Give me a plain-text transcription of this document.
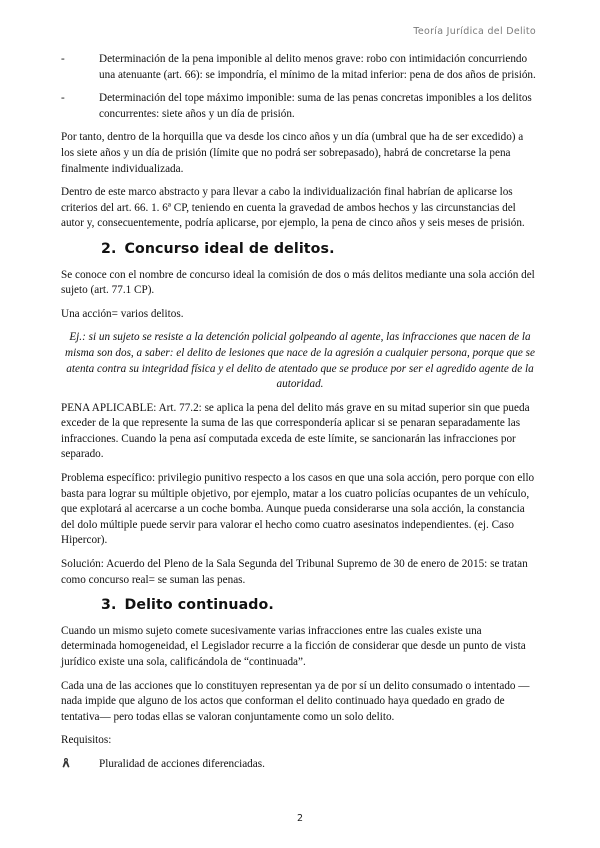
Teoría Jurídica del Delito
-	Determinación de la pena imponible al delito menos grave: robo con intimidación concurriendo una atenuante (art. 66): se impondría, el mínimo de la mitad inferior: pena de dos años de prisión.
-	Determinación del tope máximo imponible: suma de las penas concretas imponibles a los delitos concurrentes: siete años y un día de prisión.

Por tanto, dentro de la horquilla que va desde los cinco años y un día (umbral que ha de ser excedido) a los siete años y un día de prisión (límite que no podrá ser sobrepasado), habrá de concretarse la pena finalmente individualizada.

Dentro de este marco abstracto y para llevar a cabo la individualización final habrían de aplicarse los criterios del art. 66. 1. 6ª CP, teniendo en cuenta la gravedad de ambos hechos y las circunstancias del autor y, consecuentemente, podría aplicarse, por ejemplo, la pena de cinco años y seis meses de prisión.

2. Concurso ideal de delitos.

Se conoce con el nombre de concurso ideal la comisión de dos o más delitos mediante una sola acción del sujeto (art. 77.1 CP).

Una acción= varios delitos.

Ej.: si un sujeto se resiste a la detención policial golpeando al agente, las infracciones que nacen de la misma son dos, a saber: el delito de lesiones que nace de la agresión a cualquier persona, porque que se atenta contra su integridad física y el delito de atentado que se produce por ser el agredido agente de la autoridad.

PENA APLICABLE: Art. 77.2: se aplica la pena del delito más grave en su mitad superior sin que pueda exceder de la que represente la suma de las que correspondería aplicar si se penaran separadamente las infracciones. Cuando la pena así computada exceda de este límite, se sancionarán las infracciones por separado.

Problema específico: privilegio punitivo respecto a los casos en que una sola acción, pero porque con ello basta para lograr su múltiple objetivo, por ejemplo, matar a los cuatro policías ocupantes de un vehículo, que explotará al acercarse a un coche bomba. Aunque pueda considerarse una sola acción, la constancia del dolo múltiple puede servir para valorar el hecho como cuatro asesinatos independientes. (ej. Caso Hipercor).

Solución: Acuerdo del Pleno de la Sala Segunda del Tribunal Supremo de 30 de enero de 2015: se tratan como concurso real= se suman las penas.

3. Delito continuado.

Cuando un mismo sujeto comete sucesivamente varias infracciones entre las cuales existe una determinada homogeneidad, el Legislador recurre a la ficción de considerar que desde un punto de vista jurídico existe una sola, calificándola de “continuada”.

Cada una de las acciones que lo constituyen representan ya de por sí un delito consumado o intentado —nada impide que alguno de los actos que conforman el delito continuado haya quedado en grado de tentativa— pero todas ellas se valoran conjuntamente como un solo delito.

Requisitos:

Pluralidad de acciones diferenciadas.
2
